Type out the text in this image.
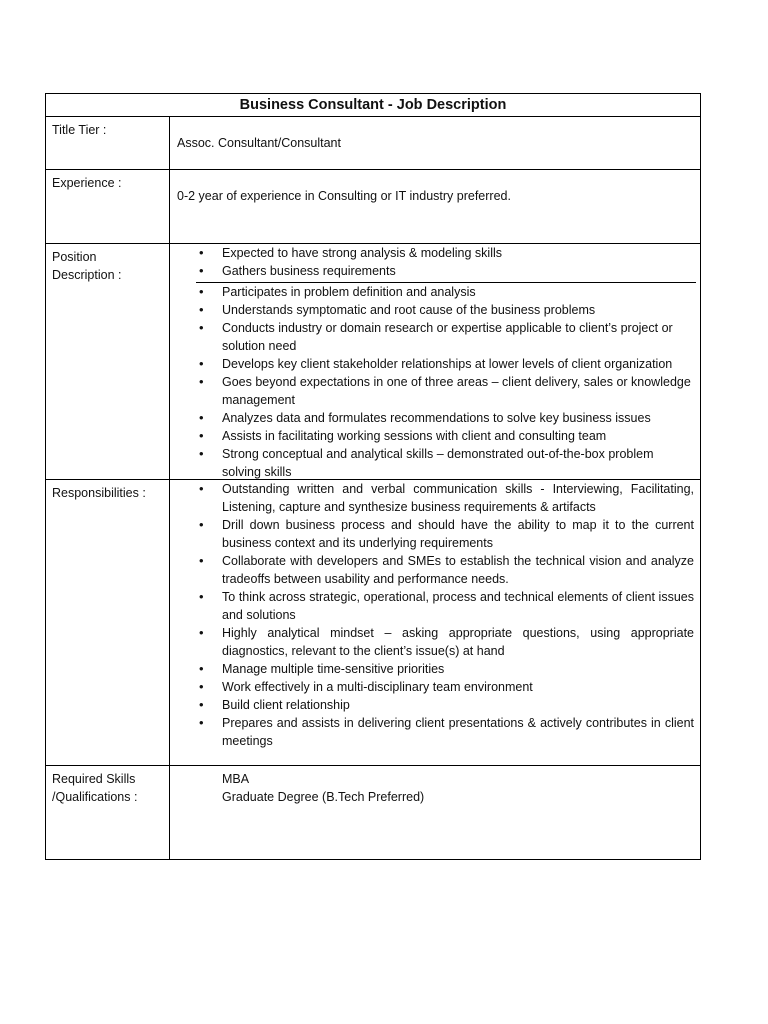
Business Consultant - Job Description
Title Tier :
Assoc. Consultant/Consultant
Experience :
0-2 year of experience in Consulting or IT industry preferred.
Position
Description :
• Expected to have strong analysis & modeling skills
• Gathers business requirements
• Participates in problem definition and analysis
• Understands symptomatic and root cause of the business problems
• Conducts industry or domain research or expertise applicable to client’s project or solution need
• Develops key client stakeholder relationships at lower levels of client organization
• Goes beyond expectations in one of three areas – client delivery, sales or knowledge management
• Analyzes data and formulates recommendations to solve key business issues
• Assists in facilitating working sessions with client and consulting team
• Strong conceptual and analytical skills – demonstrated out-of-the-box problem solving skills
Responsibilities :
•	Outstanding written and verbal communication skills - Interviewing, Facilitating, Listening, capture and synthesize business requirements & artifacts
• Drill down business process and should have the ability to map it to the current business context and its underlying requirements
• Collaborate with developers and SMEs to establish the technical vision and analyze tradeoffs between usability and performance needs.
• To think across strategic, operational, process and technical elements of client issues and solutions
• Highly analytical mindset – asking appropriate questions, using appropriate diagnostics, relevant to the client’s issue(s) at hand
• Manage multiple time-sensitive priorities
• Work effectively in a multi-disciplinary team environment
• Build client relationship
• Prepares and assists in delivering client presentations & actively contributes in client meetings
Required Skills
/Qualifications :
MBA
Graduate Degree (B.Tech Preferred)
